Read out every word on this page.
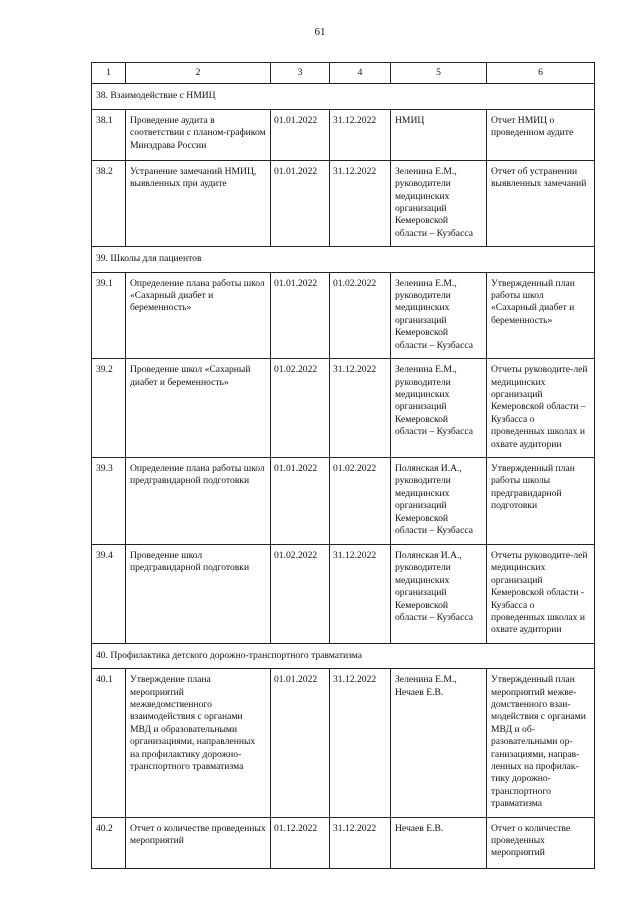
61
1	2	3	4	5	6
38. Взаимодействие с НМИЦ					
38.1	Проведение аудита в соответствии с планом-графиком Минздрава России	01.01.2022	31.12.2022	НМИЦ	Отчет НМИЦ о проведенном аудите
38.2	Устранение замечаний НМИЦ, выявленных при аудите	01.01.2022	31.12.2022	Зеленина Е.М., руководители медицинских организаций Кемеровской области – Кузбасса	Отчет об устранении выявленных замечаний
39. Школы для пациентов					
39.1	Определение плана работы школ «Сахарный диабет и беременность»	01.01.2022	01.02.2022	Зеленина Е.М., руководители медицинских организаций Кемеровской области – Кузбасса	Утвержденный план работы школ «Сахарный диабет и беременность»
39.2	Проведение школ «Сахарный диабет и беременность»	01.02.2022	31.12.2022	Зеленина Е.М., руководители медицинских организаций Кемеровской области – Кузбасса	Отчеты руководите-лей медицинских организаций Кемеровской области – Кузбасса о проведенных школах и охвате аудитории
39.3	Определение плана работы школ предгравидарной подготовки	01.01.2022	01.02.2022	Полянская И.А., руководители медицинских организаций Кемеровской области – Кузбасса	Утвержденный план работы школы предгравидарной подготовки
39.4	Проведение школ предгравидарной подготовки	01.02.2022	31.12.2022	Полянская И.А., руководители медицинских организаций Кемеровской области – Кузбасса	Отчеты руководите-лей медицинских организаций Кемеровской области - Кузбасса о проведенных школах и охвате аудитории
40. Профилактика детского дорожно-транспортного травматизма					
40.1	Утверждение плана мероприятий межведомственного взаимодействия с органами МВД и образовательными организациями, направленных на профилактику дорожно-транспортного травматизма	01.01.2022	31.12.2022	Зеленина Е.М., Нечаев Е.В.	Утвержденный план мероприятий межве-домственного взаи-модействия с органами МВД и об-разовательными ор-ганизациями, направ-ленных на профилак-тику дорожно-транспортного травматизма
40.2	Отчет о количестве проведенных мероприятий	01.12.2022	31.12.2022	Нечаев Е.В.	Отчет о количестве проведенных мероприятий
